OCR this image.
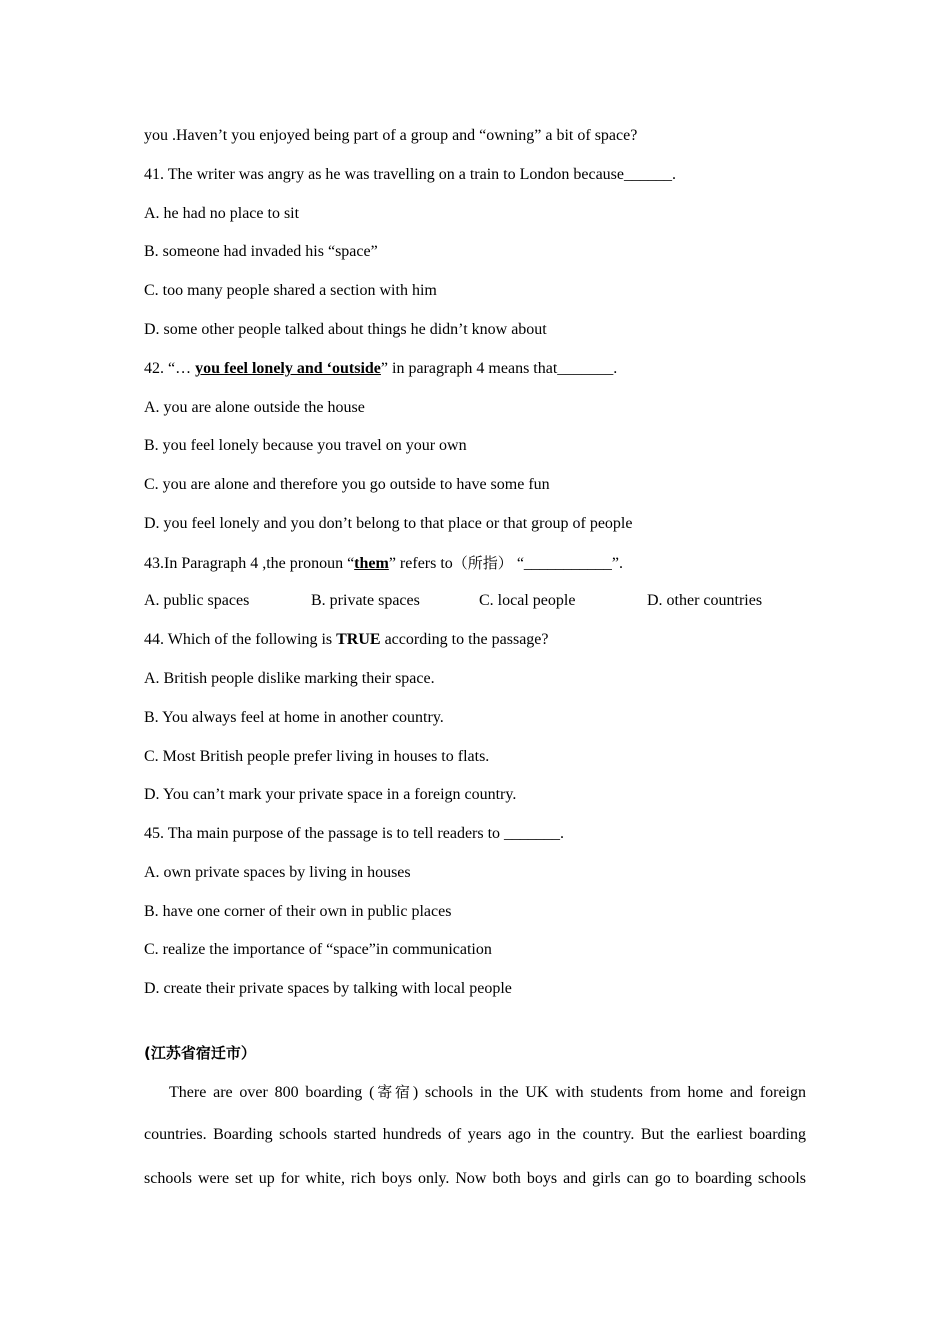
you .Haven’t you enjoyed being part of a group and “owning” a bit of space?
41. The writer was angry as he was travelling on a train to London because______.
A. he had no place to sit
B. someone had invaded his “space”
C. too many people shared a section with him
D. some other people talked about things he didn’t know about
42. “… you feel lonely and ‘outside” in paragraph 4 means that_______.
A. you are alone outside the house
B. you feel lonely because you travel on your own
C. you are alone and therefore you go outside to have some fun
D. you feel lonely and you don’t belong to that place or that group of people
43.In Paragraph 4 ,the pronoun “them” refers to（所指） “___________”.
A. public spaces	B. private spaces	C. local people	D. other countries
44. Which of the following is TRUE according to the passage?
A. British people dislike marking their space.
B. You always feel at home in another country.
C. Most British people prefer living in houses to flats.
D. You can’t mark your private space in a foreign country.
45. Tha main purpose of the passage is to tell readers to _______.
A. own private spaces by living in houses
B. have one corner of their own in public places
C. realize the importance of “space”in communication
D. create their private spaces by talking with local people
(江苏省宿迁市）
There are over 800 boarding (寄宿) schools in the UK with students from home and foreign
countries. Boarding schools started hundreds of years ago in the country. But the earliest boarding
schools were set up for white, rich boys only. Now both boys and girls can go to boarding schools
